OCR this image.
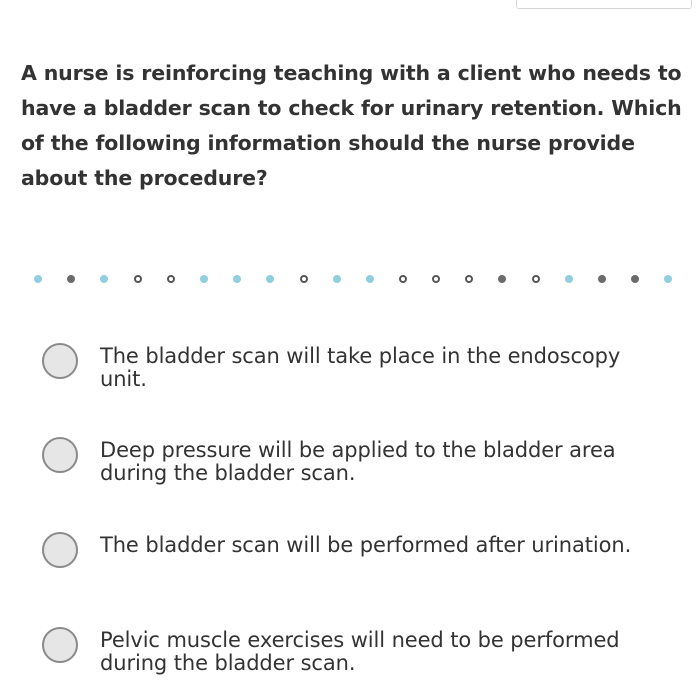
A nurse is reinforcing teaching with a client who needs to have a bladder scan to check for urinary retention. Which of the following information should the nurse provide about the procedure?
The bladder scan will take place in the endoscopy unit.
Deep pressure will be applied to the bladder area during the bladder scan.
The bladder scan will be performed after urination.
Pelvic muscle exercises will need to be performed during the bladder scan.
